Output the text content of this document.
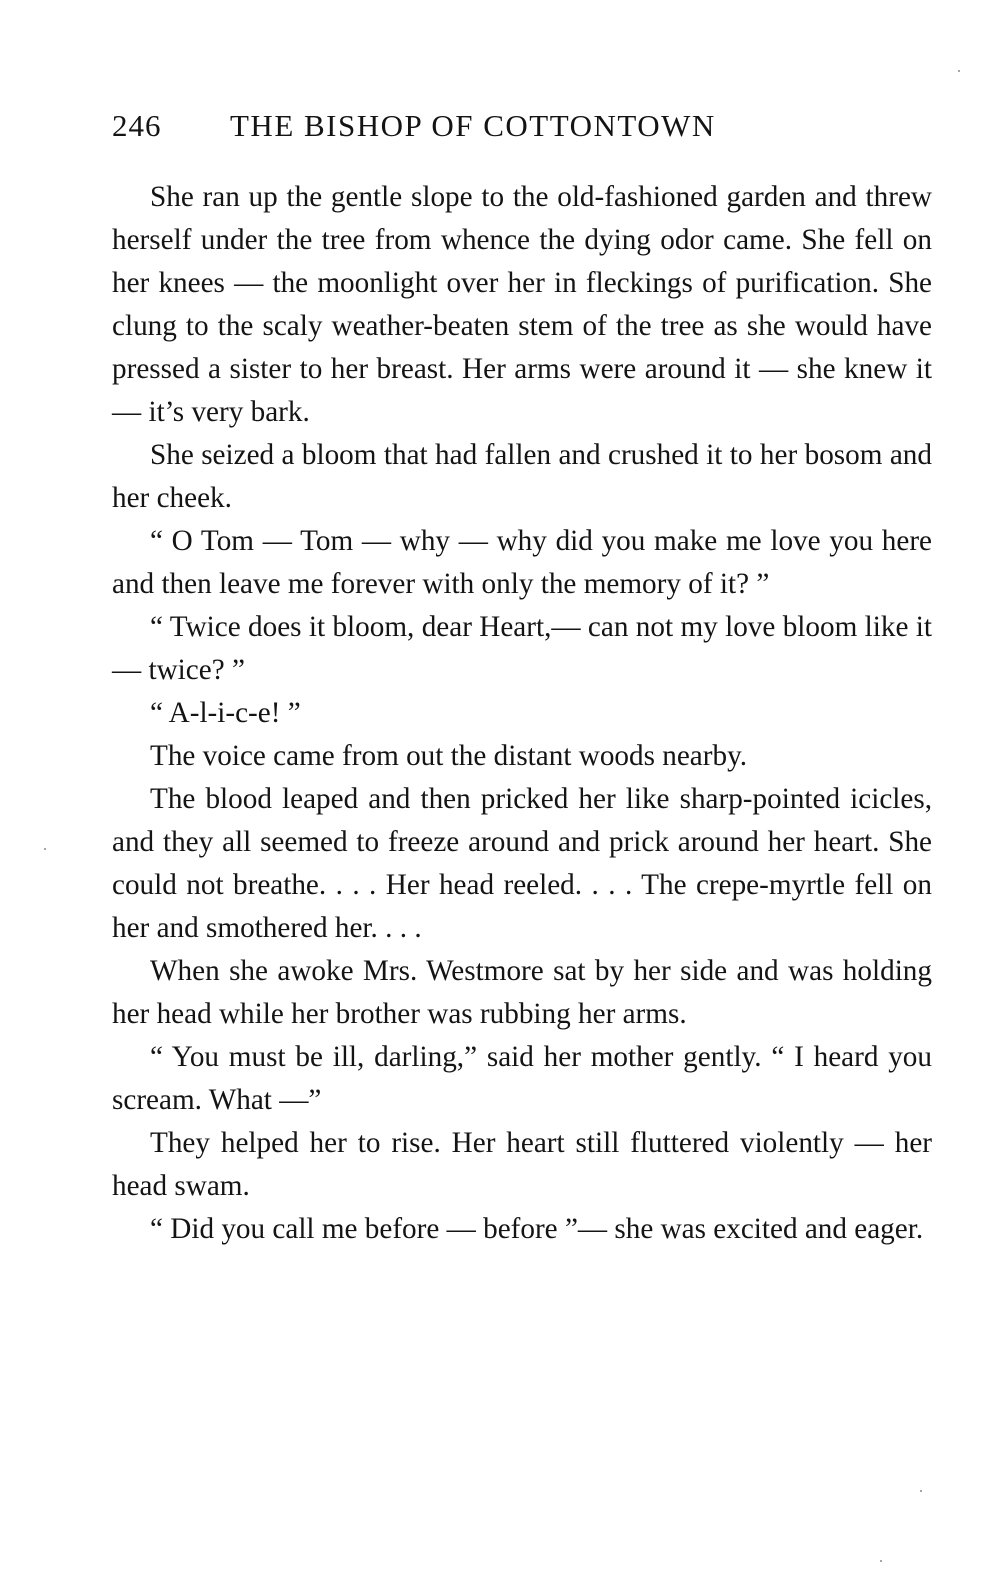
246	THE BISHOP OF COTTONTOWN

She ran up the gentle slope to the old-fashioned garden and threw herself under the tree from whence the dying odor came. She fell on her knees — the moonlight over her in fleckings of purification. She clung to the scaly weather-beaten stem of the tree as she would have pressed a sister to her breast. Her arms were around it — she knew it — it’s very bark.

She seized a bloom that had fallen and crushed it to her bosom and her cheek.

“ O Tom — Tom — why — why did you make me love you here and then leave me forever with only the memory of it? ”

“ Twice does it bloom, dear Heart,— can not my love bloom like it — twice? ”

“ A-l-i-c-e! ”

The voice came from out the distant woods nearby.

The blood leaped and then pricked her like sharp-pointed icicles, and they all seemed to freeze around and prick around her heart. She could not breathe. . . . Her head reeled. . . . The crepe-myrtle fell on her and smothered her. . . .

When she awoke Mrs. Westmore sat by her side and was holding her head while her brother was rubbing her arms.

“ You must be ill, darling,” said her mother gently. “ I heard you scream. What —”

They helped her to rise. Her heart still fluttered violently — her head swam.

“ Did you call me before — before ”— she was excited and eager.
